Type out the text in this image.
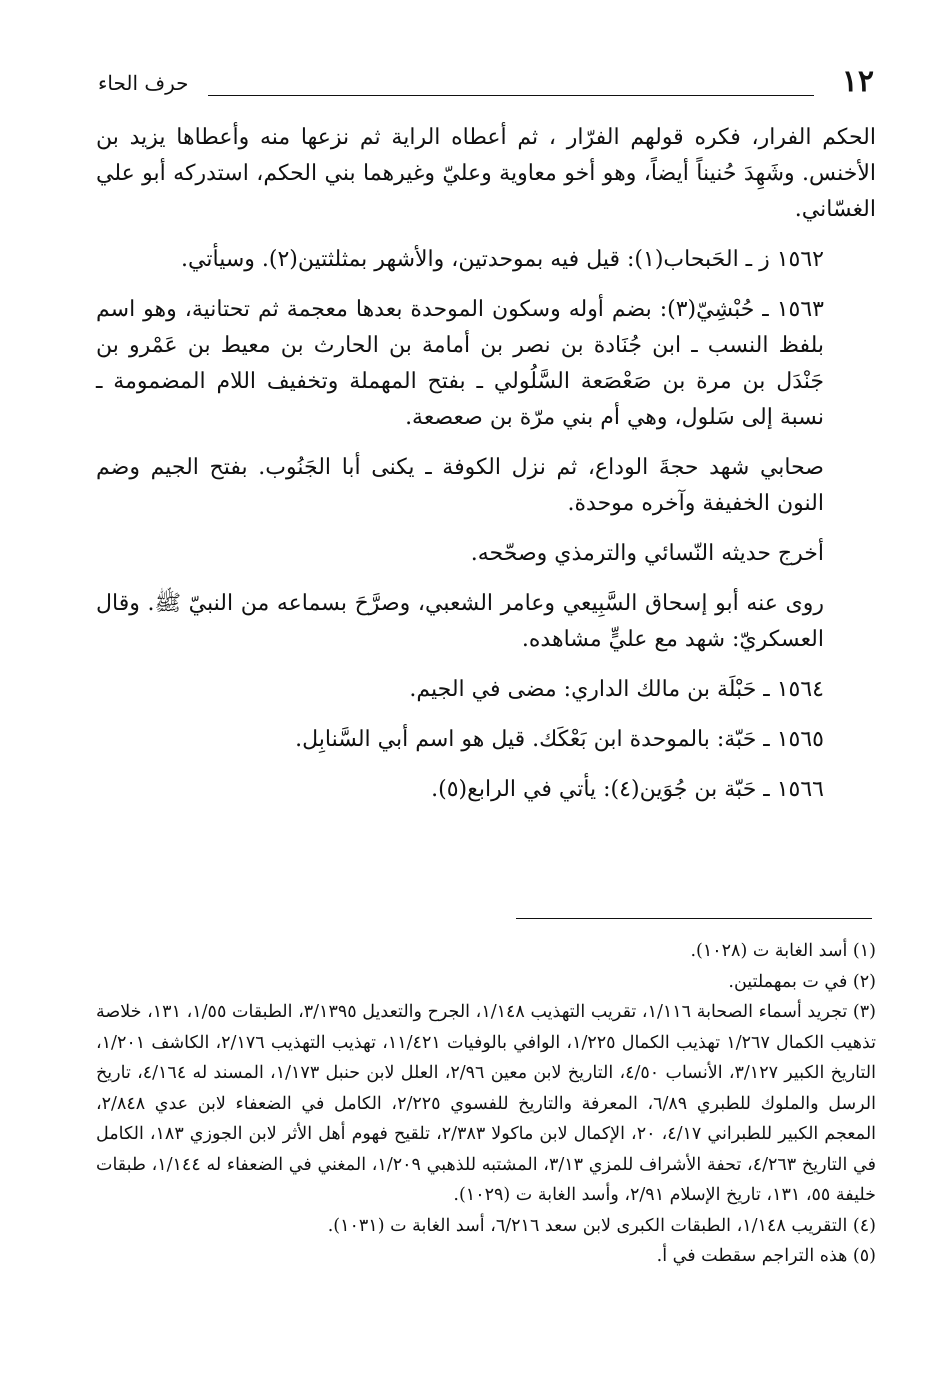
١٢
حرف الحاء

الحكم الفرار، فكره قولهم الفرّار ، ثم أعطاه الراية ثم نزعها منه وأعطاها يزيد بن الأخنس. وشَهِدَ حُنيناً أيضاً، وهو أخو معاوية وعليّ وغيرهما بني الحكم، استدركه أبو علي الغسّاني.

١٥٦٢ ز ـ الحَبحاب(١): قيل فيه بموحدتين، والأشهر بمثلثتين(٢). وسيأتي.

١٥٦٣ ـ حُبْشِيّ(٣): بضم أوله وسكون الموحدة بعدها معجمة ثم تحتانية، وهو اسم بلفظ النسب ـ ابن جُنَادة بن نصر بن أمامة بن الحارث بن معيط بن عَمْرو بن جَنْدَل بن مرة بن صَعْصَعة السَّلُولي ـ بفتح المهملة وتخفيف اللام المضمومة ـ نسبة إلى سَلول، وهي أم بني مرّة بن صعصعة.

صحابي شهد حجةَ الوداع، ثم نزل الكوفة ـ يكنى أبا الجَنُوب. بفتح الجيم وضم النون الخفيفة وآخره موحدة.

أخرج حديثه النّسائي والترمذي وصحّحه.

روى عنه أبو إسحاق السَّبِيعي وعامر الشعبي، وصرَّحَ بسماعه من النبيّ ﷺ. وقال العسكريّ: شهد مع عليٍّ مشاهده.

١٥٦٤ ـ حَبْلَة بن مالك الداري: مضى في الجيم.

١٥٦٥ ـ حَبّة: بالموحدة ابن بَعْكَك. قيل هو اسم أبي السَّنابِل.

١٥٦٦ ـ حَبّة بن جُوَين(٤): يأتي في الرابع(٥).

(١) أسد الغابة ت (١٠٢٨).

(٢) في ت بمهملتين.

(٣) تجريد أسماء الصحابة ١/١١٦، تقريب التهذيب ١/١٤٨، الجرح والتعديل ٣/١٣٩٥، الطبقات ١/٥٥، ١٣١، خلاصة تذهيب الكمال ١/٢٦٧ تهذيب الكمال ١/٢٢٥، الوافي بالوفيات ١١/٤٢١، تهذيب التهذيب ٢/١٧٦، الكاشف ١/٢٠١، التاريخ الكبير ٣/١٢٧، الأنساب ٤/٥٠، التاريخ لابن معين ٢/٩٦، العلل لابن حنبل ١/١٧٣، المسند له ٤/١٦٤، تاريخ الرسل والملوك للطبري ٦/٨٩، المعرفة والتاريخ للفسوي ٢/٢٢٥، الكامل في الضعفاء لابن عدي ٢/٨٤٨، المعجم الكبير للطبراني ٤/١٧، ٢٠، الإكمال لابن ماكولا ٢/٣٨٣، تلقيح فهوم أهل الأثر لابن الجوزي ١٨٣، الكامل في التاريخ ٤/٢٦٣، تحفة الأشراف للمزي ٣/١٣، المشتبه للذهبي ١/٢٠٩، المغني في الضعفاء له ١/١٤٤، طبقات خليفة ٥٥، ١٣١، تاريخ الإسلام ٢/٩١، وأسد الغابة ت (١٠٢٩).

(٤) التقريب ١/١٤٨، الطبقات الكبرى لابن سعد ٦/٢١٦، أسد الغابة ت (١٠٣١).

(٥) هذه التراجم سقطت في أ.
